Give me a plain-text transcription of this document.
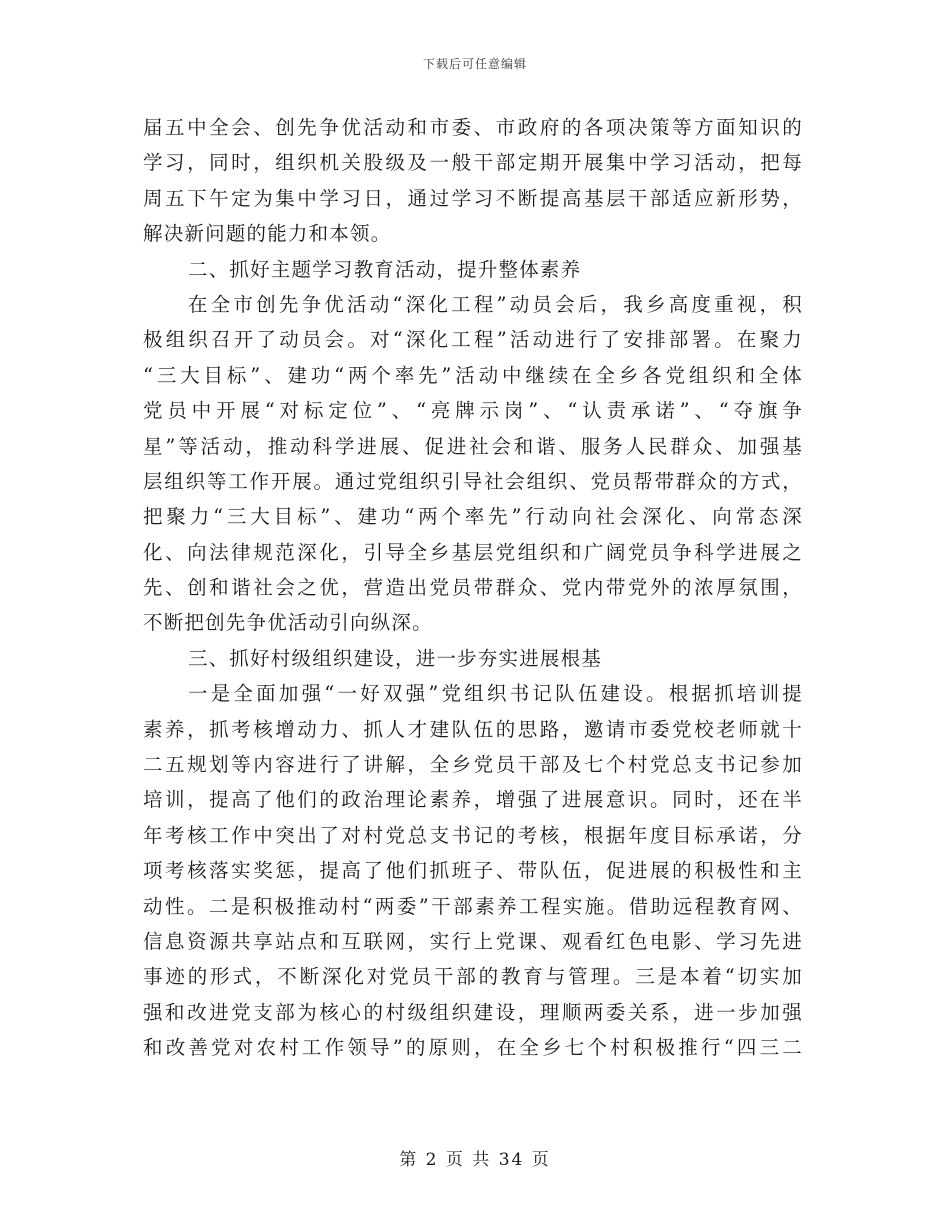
下载后可任意编辑
届五中全会、创先争优活动和市委、市政府的各项决策等方面知识的
学习，同时，组织机关股级及一般干部定期开展集中学习活动，把每
周五下午定为集中学习日，通过学习不断提高基层干部适应新形势，
解决新问题的能力和本领。
二、抓好主题学习教育活动，提升整体素养
在全市创先争优活动“深化工程”动员会后，我乡高度重视，积
极组织召开了动员会。对“深化工程”活动进行了安排部署。在聚力
“三大目标”、建功“两个率先”活动中继续在全乡各党组织和全体
党员中开展“对标定位”、“亮牌示岗”、“认责承诺”、“夺旗争
星”等活动，推动科学进展、促进社会和谐、服务人民群众、加强基
层组织等工作开展。通过党组织引导社会组织、党员帮带群众的方式，
把聚力“三大目标”、建功“两个率先”行动向社会深化、向常态深
化、向法律规范深化，引导全乡基层党组织和广阔党员争科学进展之
先、创和谐社会之优，营造出党员带群众、党内带党外的浓厚氛围，
不断把创先争优活动引向纵深。
三、抓好村级组织建设，进一步夯实进展根基
一是全面加强“一好双强”党组织书记队伍建设。根据抓培训提
素养，抓考核增动力、抓人才建队伍的思路，邀请市委党校老师就十
二五规划等内容进行了讲解，全乡党员干部及七个村党总支书记参加
培训，提高了他们的政治理论素养，增强了进展意识。同时，还在半
年考核工作中突出了对村党总支书记的考核，根据年度目标承诺，分
项考核落实奖惩，提高了他们抓班子、带队伍，促进展的积极性和主
动性。二是积极推动村“两委”干部素养工程实施。借助远程教育网、
信息资源共享站点和互联网，实行上党课、观看红色电影、学习先进
事迹的形式，不断深化对党员干部的教育与管理。三是本着“切实加
强和改进党支部为核心的村级组织建设，理顺两委关系，进一步加强
和改善党对农村工作领导”的原则，在全乡七个村积极推行“四三二
第 2 页 共 34 页
